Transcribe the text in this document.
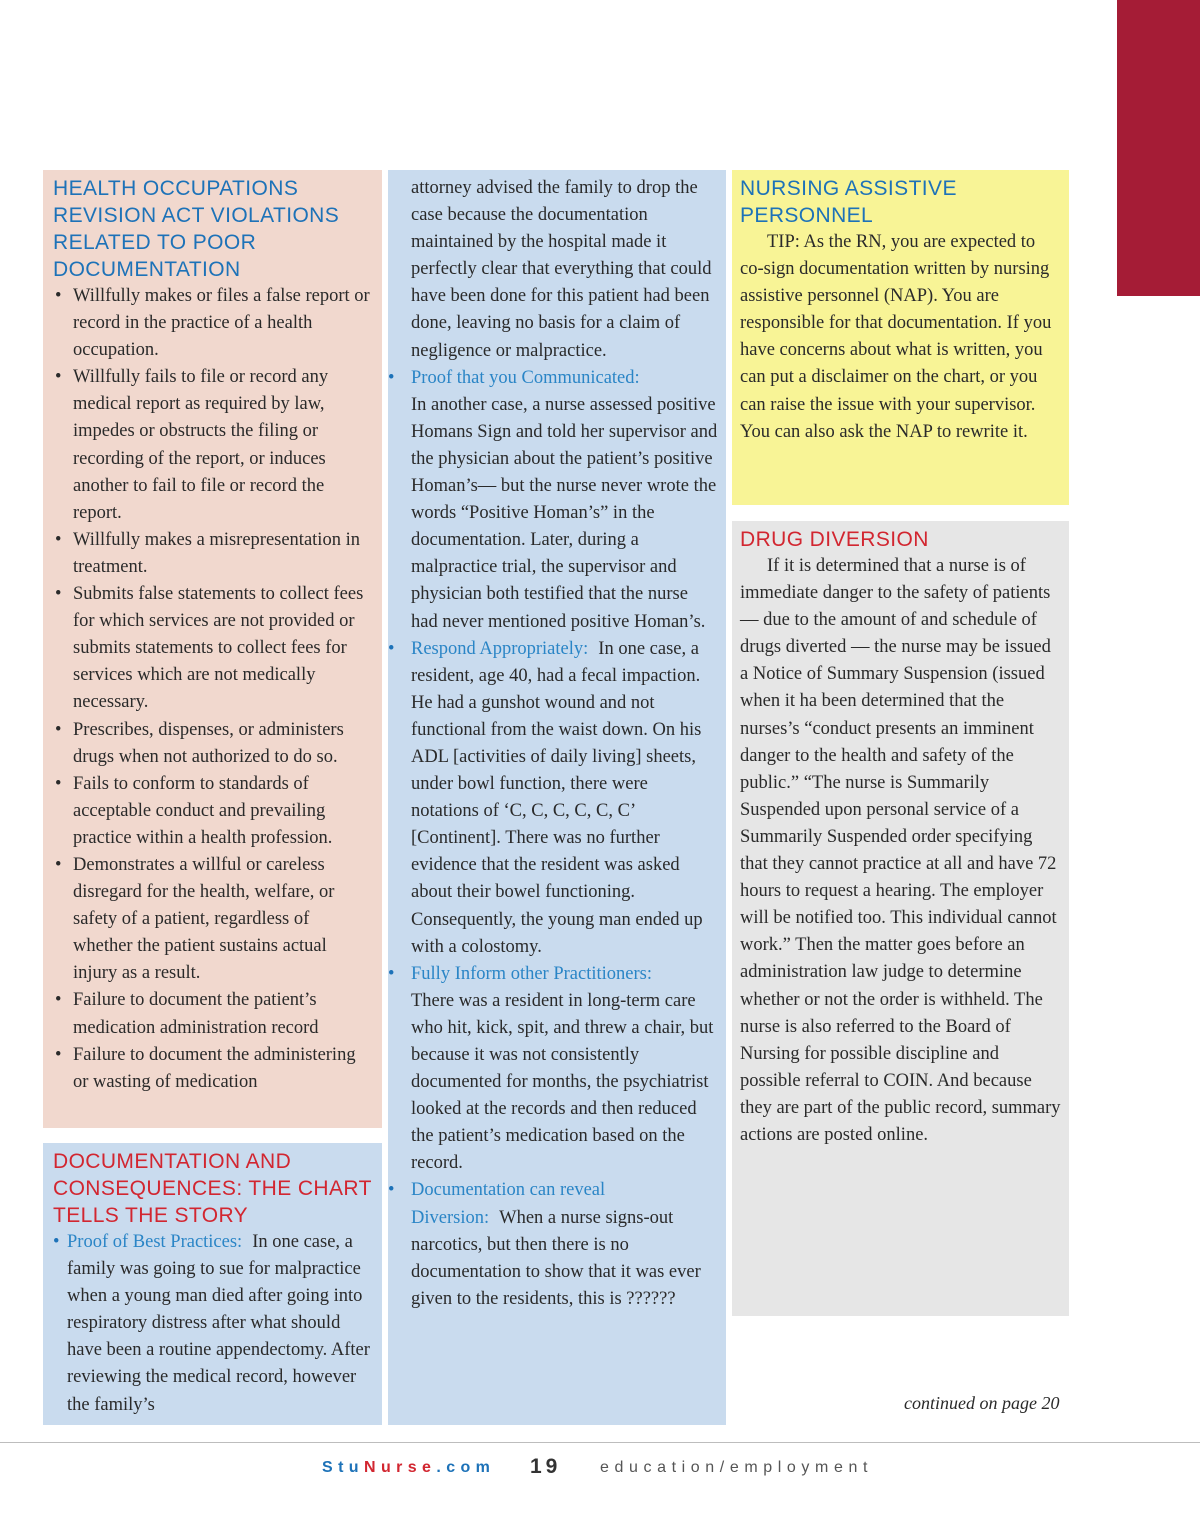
HEALTH OCCUPATIONS REVISION ACT VIOLATIONS RELATED TO POOR DOCUMENTATION
• Willfully makes or files a false report or record in the practice of a health occupation.
• Willfully fails to file or record any medical report as required by law, impedes or obstructs the filing or recording of the report, or induces another to fail to file or record the report.
• Willfully makes a misrepresentation in treatment.
• Submits false statements to collect fees for which services are not provided or submits statements to collect fees for services which are not medically necessary.
• Prescribes, dispenses, or administers drugs when not authorized to do so.
• Fails to conform to standards of acceptable conduct and prevailing practice within a health profession.
• Demonstrates a willful or careless disregard for the health, welfare, or safety of a patient, regardless of whether the patient sustains actual injury as a result.
• Failure to document the patient’s medication administration record
• Failure to document the administering or wasting of medication
DOCUMENTATION AND CONSEQUENCES: THE CHART TELLS THE STORY
• Proof of Best Practices: In one case, a family was going to sue for malpractice when a young man died after going into respiratory distress after what should have been a routine appendectomy. After reviewing the medical record, however the family’s
attorney advised the family to drop the case because the documentation maintained by the hospital made it perfectly clear that everything that could have been done for this patient had been done, leaving no basis for a claim of negligence or malpractice.
• Proof that you Communicated:
In another case, a nurse assessed positive Homans Sign and told her supervisor and the physician about the patient’s positive Homan’s— but the nurse never wrote the words “Positive Homan’s” in the documentation. Later, during a malpractice trial, the supervisor and physician both testified that the nurse had never mentioned positive Homan’s.
• Respond Appropriately: In one case, a resident, age 40, had a fecal impaction. He had a gunshot wound and not functional from the waist down. On his ADL [activities of daily living] sheets, under bowl function, there were notations of ‘C, C, C, C, C, C’ [Continent]. There was no further evidence that the resident was asked about their bowel functioning. Consequently, the young man ended up with a colostomy.
• Fully Inform other Practitioners:
There was a resident in long-term care who hit, kick, spit, and threw a chair, but because it was not consistently documented for months, the psychiatrist looked at the records and then reduced the patient’s medication based on the record.
• Documentation can reveal Diversion: When a nurse signs-out narcotics, but then there is no documentation to show that it was ever given to the residents, this is ??????
NURSING ASSISTIVE PERSONNEL

TIP: As the RN, you are expected to co-sign documentation written by nursing assistive personnel (NAP). You are responsible for that documentation. If you have concerns about what is written, you can put a disclaimer on the chart, or you can raise the issue with your supervisor. You can also ask the NAP to rewrite it.

DRUG DIVERSION

If it is determined that a nurse is of immediate danger to the safety of patients — due to the amount of and schedule of drugs diverted — the nurse may be issued a Notice of Summary Suspension (issued when it ha been determined that the nurses’s “conduct presents an imminent danger to the health and safety of the public.” “The nurse is Summarily Suspended upon personal service of a Summarily Suspended order specifying that they cannot practice at all and have 72 hours to request a hearing. The employer will be notified too. This individual cannot work.” Then the matter goes before an administration law judge to determine whether or not the order is withheld. The nurse is also referred to the Board of Nursing for possible discipline and possible referral to COIN. And because they are part of the public record, summary actions are posted online.

continued on page 20
StuNurse.com 19 education/employment
